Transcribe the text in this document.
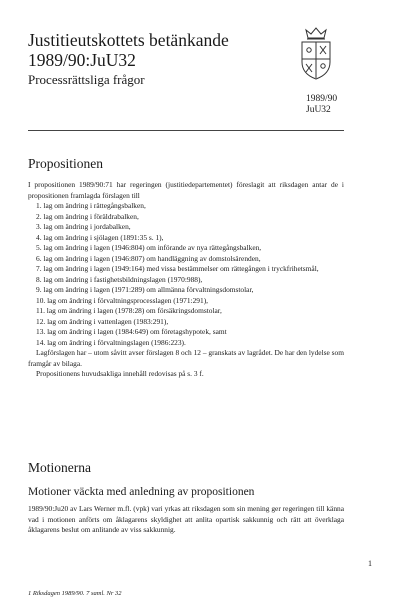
Justitieutskottets betänkande
1989/90:JuU32
Processrättsliga frågor
1989/90
JuU32
Propositionen

I propositionen 1989/90:71 har regeringen (justitiedepartementet) föreslagit att riksdagen antar de i propositionen framlagda förslagen till

1. lag om ändring i rättegångsbalken,

2. lag om ändring i föräldrabalken,

3. lag om ändring i jordabalken,

4. lag om ändring i sjölagen (1891:35 s. 1),

5. lag om ändring i lagen (1946:804) om införande av nya rättegångsbalken,

6. lag om ändring i lagen (1946:807) om handläggning av domstolsärenden,

7. lag om ändring i lagen (1949:164) med vissa bestämmelser om rättegången i tryckfrihetsmål,

8. lag om ändring i fastighetsbildningslagen (1970:988),

9. lag om ändring i lagen (1971:289) om allmänna förvaltningsdomstolar,

10. lag om ändring i förvaltningsprocesslagen (1971:291),

11. lag om ändring i lagen (1978:28) om försäkringsdomstolar,

12. lag om ändring i vattenlagen (1983:291),

13. lag om ändring i lagen (1984:649) om företagshypotek, samt

14. lag om ändring i förvaltningslagen (1986:223).

Lagförslagen har – utom såvitt avser förslagen 8 och 12 – granskats av lagrådet. De har den lydelse som framgår av bilaga.

Propositionens huvudsakliga innehåll redovisas på s. 3 f.

Motionerna
Motioner väckta med anledning av propositionen

1989/90:Ju20 av Lars Werner m.fl. (vpk) vari yrkas att riksdagen som sin mening ger regeringen till känna vad i motionen anförts om åklagarens skyldighet att anlita opartisk sakkunnig och rätt att överklaga åklagarens beslut om anlitande av viss sakkunnig.

1
1 Riksdagen 1989/90. 7 saml. Nr 32
